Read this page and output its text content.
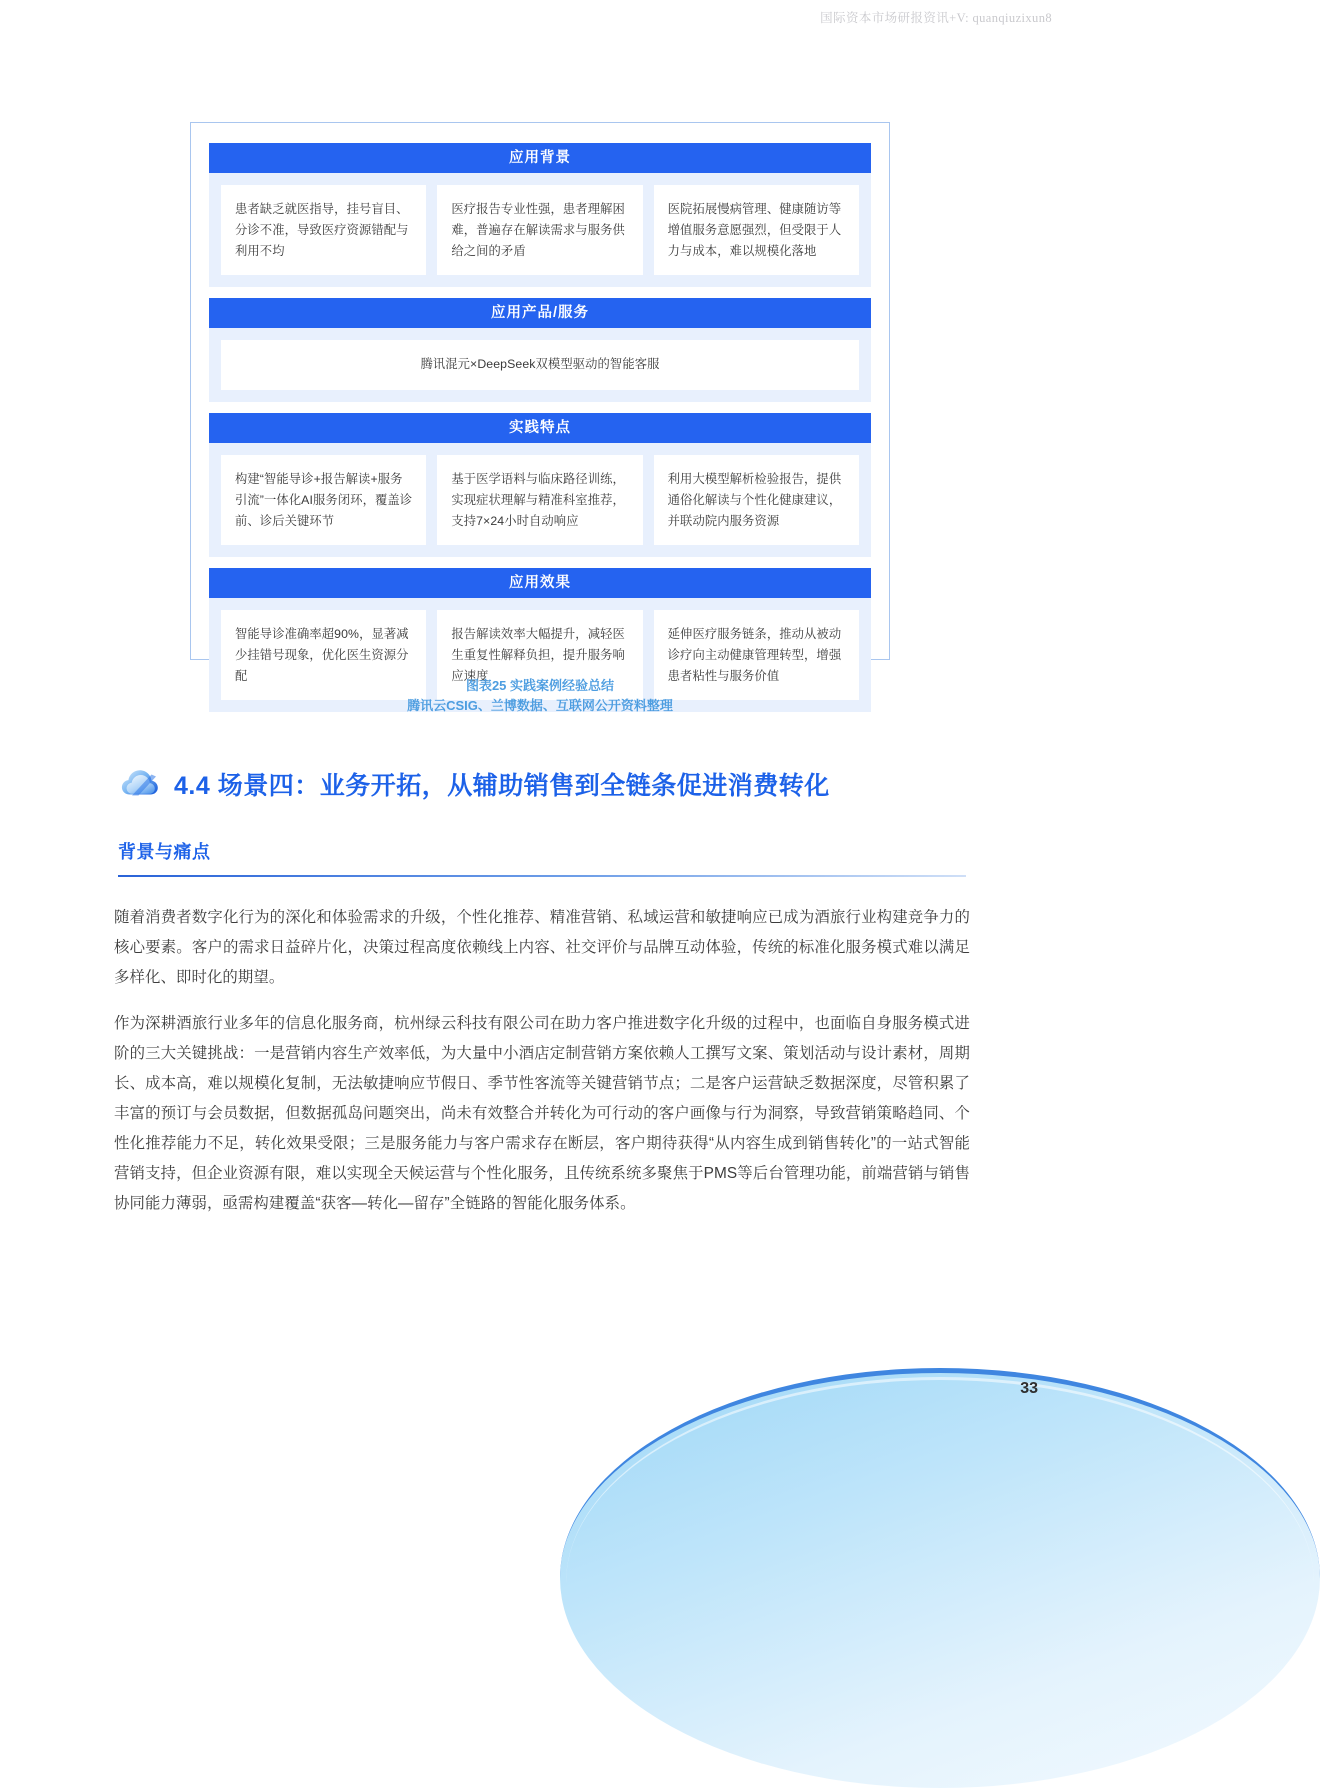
国际资本市场研报资讯+V: quanqiuzixun8
应用背景
患者缺乏就医指导，挂号盲目、分诊不准，导致医疗资源错配与利用不均
医疗报告专业性强，患者理解困难，普遍存在解读需求与服务供给之间的矛盾
医院拓展慢病管理、健康随访等增值服务意愿强烈，但受限于人力与成本，难以规模化落地
应用产品/服务
腾讯混元×DeepSeek双模型驱动的智能客服
实践特点
构建“智能导诊+报告解读+服务引流”一体化AI服务闭环，覆盖诊前、诊后关键环节
基于医学语料与临床路径训练，实现症状理解与精准科室推荐，支持7×24小时自动响应
利用大模型解析检验报告，提供通俗化解读与个性化健康建议，并联动院内服务资源
应用效果
智能导诊准确率超90%，显著减少挂错号现象，优化医生资源分配
报告解读效率大幅提升，减轻医生重复性解释负担，提升服务响应速度
延伸医疗服务链条，推动从被动诊疗向主动健康管理转型，增强患者粘性与服务价值
图表25 实践案例经验总结
腾讯云CSIG、兰博数据、互联网公开资料整理
4.4 场景四：业务开拓，从辅助销售到全链条促进消费转化
背景与痛点

随着消费者数字化行为的深化和体验需求的升级，个性化推荐、精准营销、私域运营和敏捷响应已成为酒旅行业构建竞争力的核心要素。客户的需求日益碎片化，决策过程高度依赖线上内容、社交评价与品牌互动体验，传统的标准化服务模式难以满足多样化、即时化的期望。

作为深耕酒旅行业多年的信息化服务商，杭州绿云科技有限公司在助力客户推进数字化升级的过程中，也面临自身服务模式进阶的三大关键挑战：一是营销内容生产效率低，为大量中小酒店定制营销方案依赖人工撰写文案、策划活动与设计素材，周期长、成本高，难以规模化复制，无法敏捷响应节假日、季节性客流等关键营销节点；二是客户运营缺乏数据深度，尽管积累了丰富的预订与会员数据，但数据孤岛问题突出，尚未有效整合并转化为可行动的客户画像与行为洞察，导致营销策略趋同、个性化推荐能力不足，转化效果受限；三是服务能力与客户需求存在断层，客户期待获得“从内容生成到销售转化”的一站式智能营销支持，但企业资源有限，难以实现全天候运营与个性化服务，且传统系统多聚焦于PMS等后台管理功能，前端营销与销售协同能力薄弱，亟需构建覆盖“获客—转化—留存”全链路的智能化服务体系。

@51CTO博客
33
